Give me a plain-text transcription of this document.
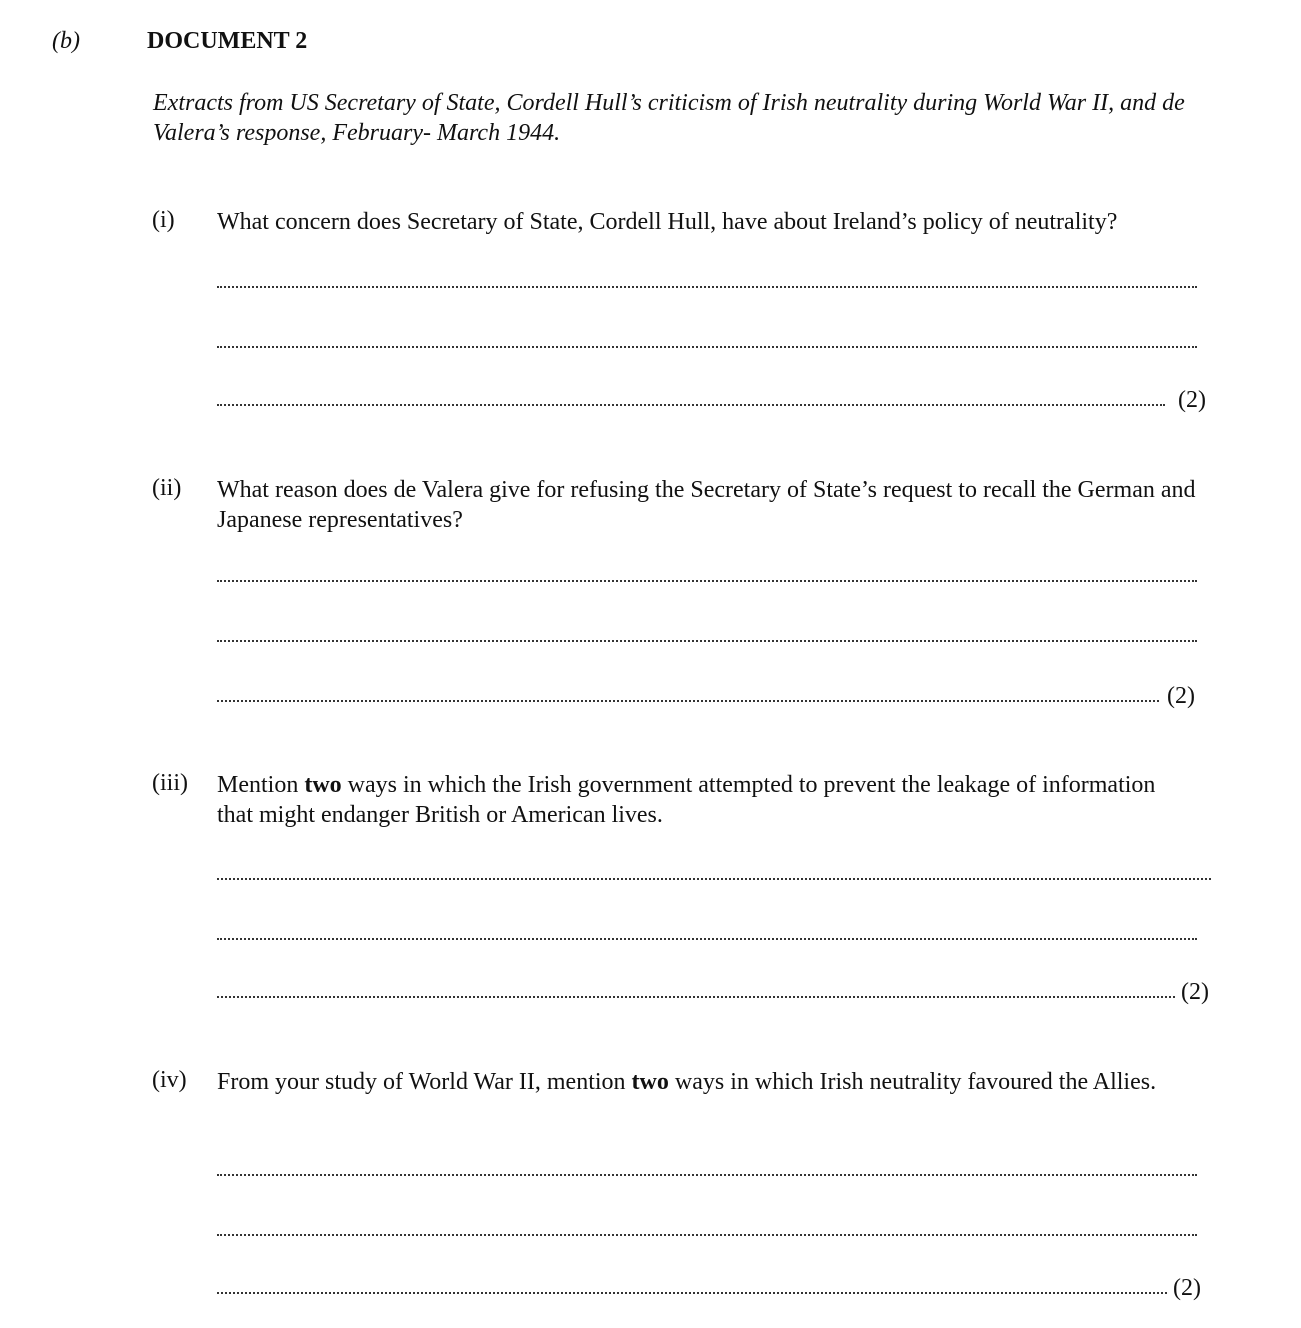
(b)	DOCUMENT 2
Extracts from US Secretary of State, Cordell Hull’s criticism of Irish neutrality during World War II, and de Valera’s response, February- March 1944.
(i) What concern does Secretary of State, Cordell Hull, have about Ireland’s policy of neutrality?
(2)
(ii) What reason does de Valera give for refusing the Secretary of State’s request to recall the German and Japanese representatives?
(2)
(iii) Mention two ways in which the Irish government attempted to prevent the leakage of information that might endanger British or American lives.
(2)
(iv) From your study of World War II, mention two ways in which Irish neutrality favoured the Allies.
(2)
